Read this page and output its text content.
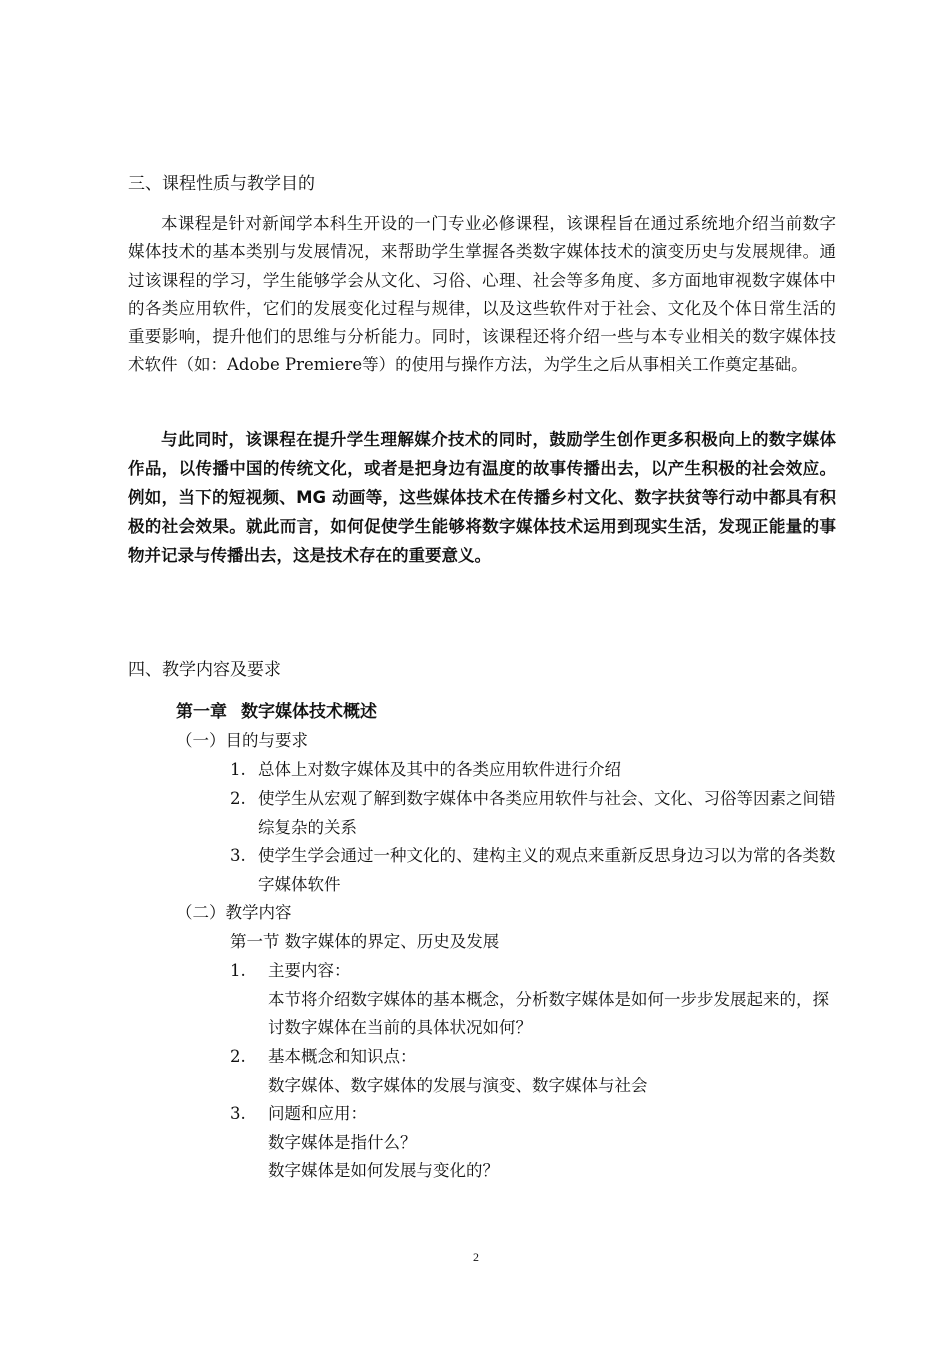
三、课程性质与教学目的

本课程是针对新闻学本科生开设的一门专业必修课程，该课程旨在通过系统地介绍当前数字媒体技术的基本类别与发展情况，来帮助学生掌握各类数字媒体技术的演变历史与发展规律。通过该课程的学习，学生能够学会从文化、习俗、心理、社会等多角度、多方面地审视数字媒体中的各类应用软件，它们的发展变化过程与规律，以及这些软件对于社会、文化及个体日常生活的重要影响，提升他们的思维与分析能力。同时，该课程还将介绍一些与本专业相关的数字媒体技术软件（如：Adobe Premiere等）的使用与操作方法，为学生之后从事相关工作奠定基础。

与此同时，该课程在提升学生理解媒介技术的同时，鼓励学生创作更多积极向上的数字媒体作品，以传播中国的传统文化，或者是把身边有温度的故事传播出去，以产生积极的社会效应。例如，当下的短视频、MG 动画等，这些媒体技术在传播乡村文化、数字扶贫等行动中都具有积极的社会效果。就此而言，如何促使学生能够将数字媒体技术运用到现实生活，发现正能量的事物并记录与传播出去，这是技术存在的重要意义。

四、教学内容及要求
第一章 数字媒体技术概述

（一）目的与要求

1. 总体上对数字媒体及其中的各类应用软件进行介绍
2. 使学生从宏观了解到数字媒体中各类应用软件与社会、文化、习俗等因素之间错综复杂的关系
3. 使学生学会通过一种文化的、建构主义的观点来重新反思身边习以为常的各类数字媒体软件

（二）教学内容

第一节 数字媒体的界定、历史及发展

1.	主要内容：
本节将介绍数字媒体的基本概念，分析数字媒体是如何一步步发展起来的，探讨数字媒体在当前的具体状况如何？
2.	基本概念和知识点：
数字媒体、数字媒体的发展与演变、数字媒体与社会
3.	问题和应用：
数字媒体是指什么？
数字媒体是如何发展与变化的？
2
